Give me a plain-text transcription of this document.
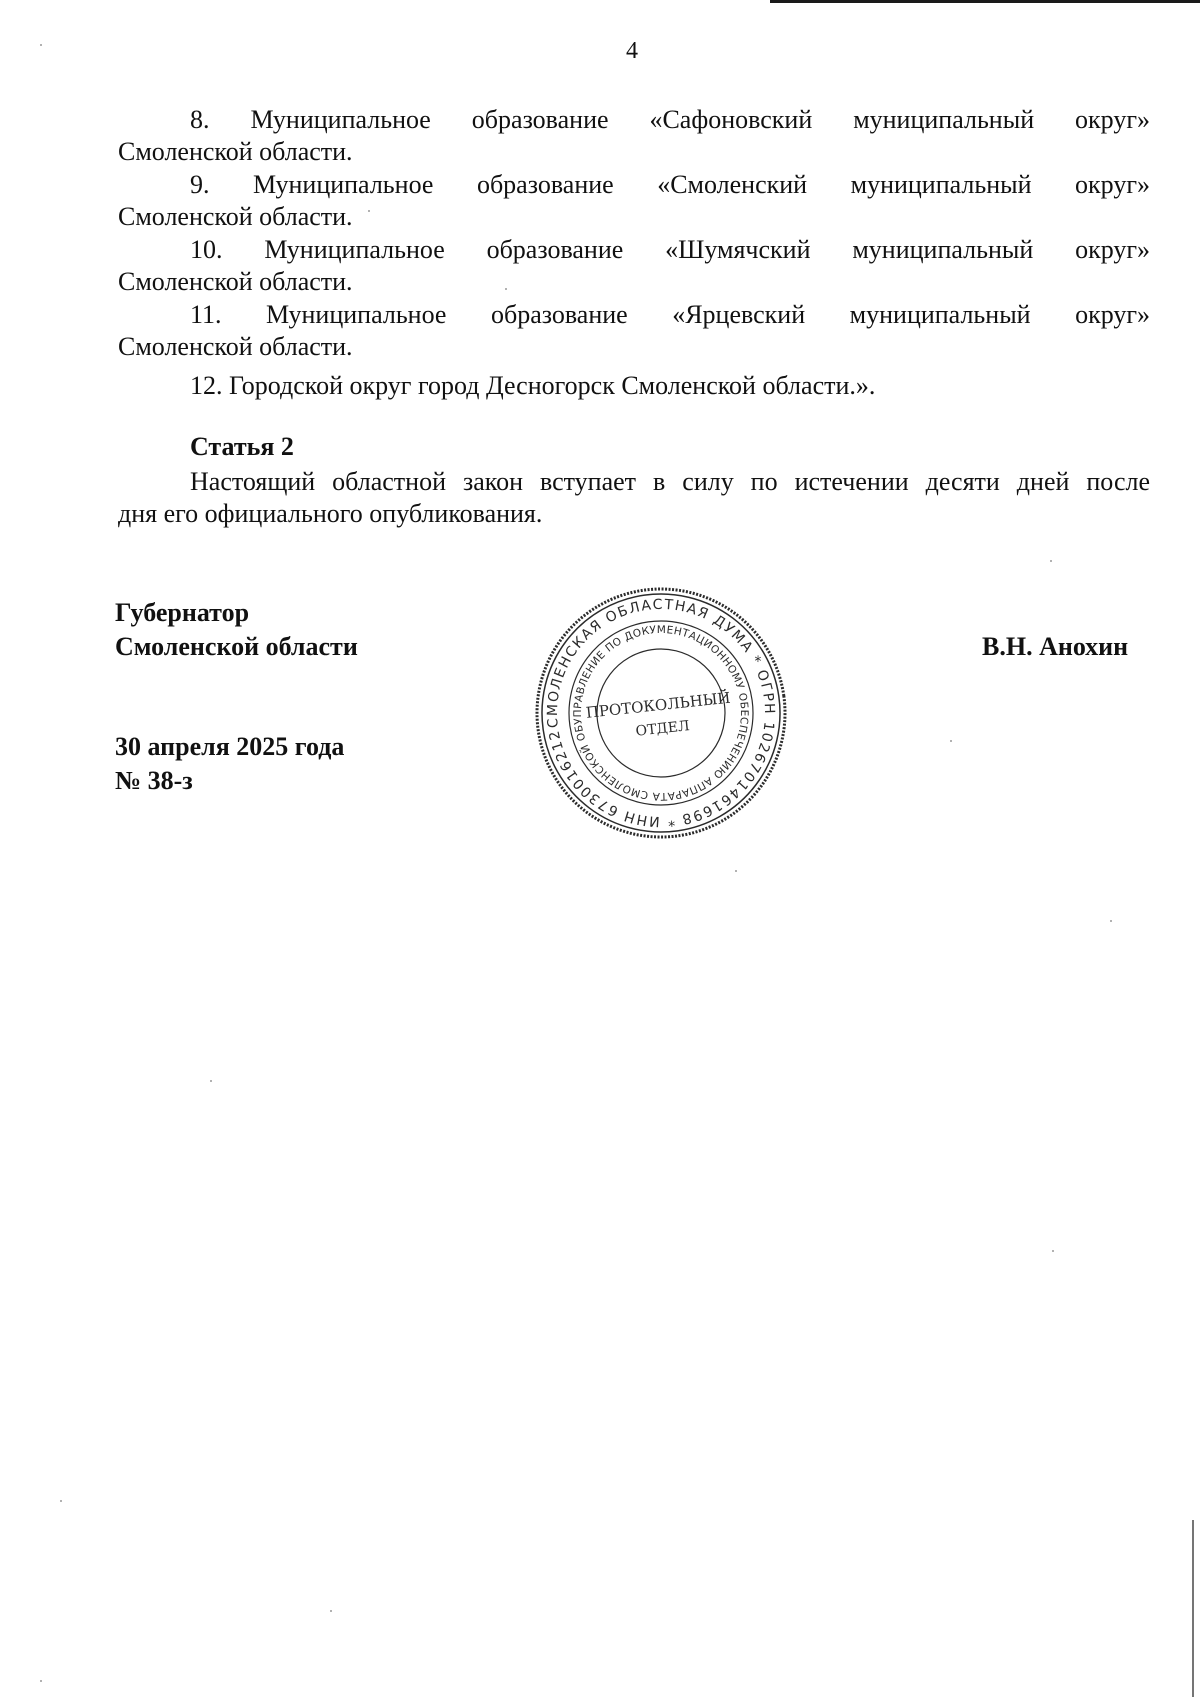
4
8. Муниципальное образование «Сафоновский муниципальный округ»
Смоленской области.
9. Муниципальное образование «Смоленский муниципальный округ»
Смоленской области.
10. Муниципальное образование «Шумячский муниципальный округ»
Смоленской области.
11. Муниципальное образование «Ярцевский муниципальный округ»
Смоленской области.
12. Городской округ город Десногорск Смоленской области.».
Статья 2
Настоящий областной закон вступает в силу по истечении десяти дней после
дня его официального опубликования.
Губернатор
Смоленской области	В.Н. Анохин
30 апреля 2025 года
№ 38-з
СМОЛЕНСКАЯ ОБЛАСТНАЯ ДУМА * ОГРН 1026701461698 * ИНН 6730016212
УПРАВЛЕНИЕ ПО ДОКУМЕНТАЦИОННОМУ ОБЕСПЕЧЕНИЮ АППАРАТА СМОЛЕНСКОЙ ОБЛАСТНОЙ
ПРОТОКОЛЬНЫЙ
ОТДЕЛ
